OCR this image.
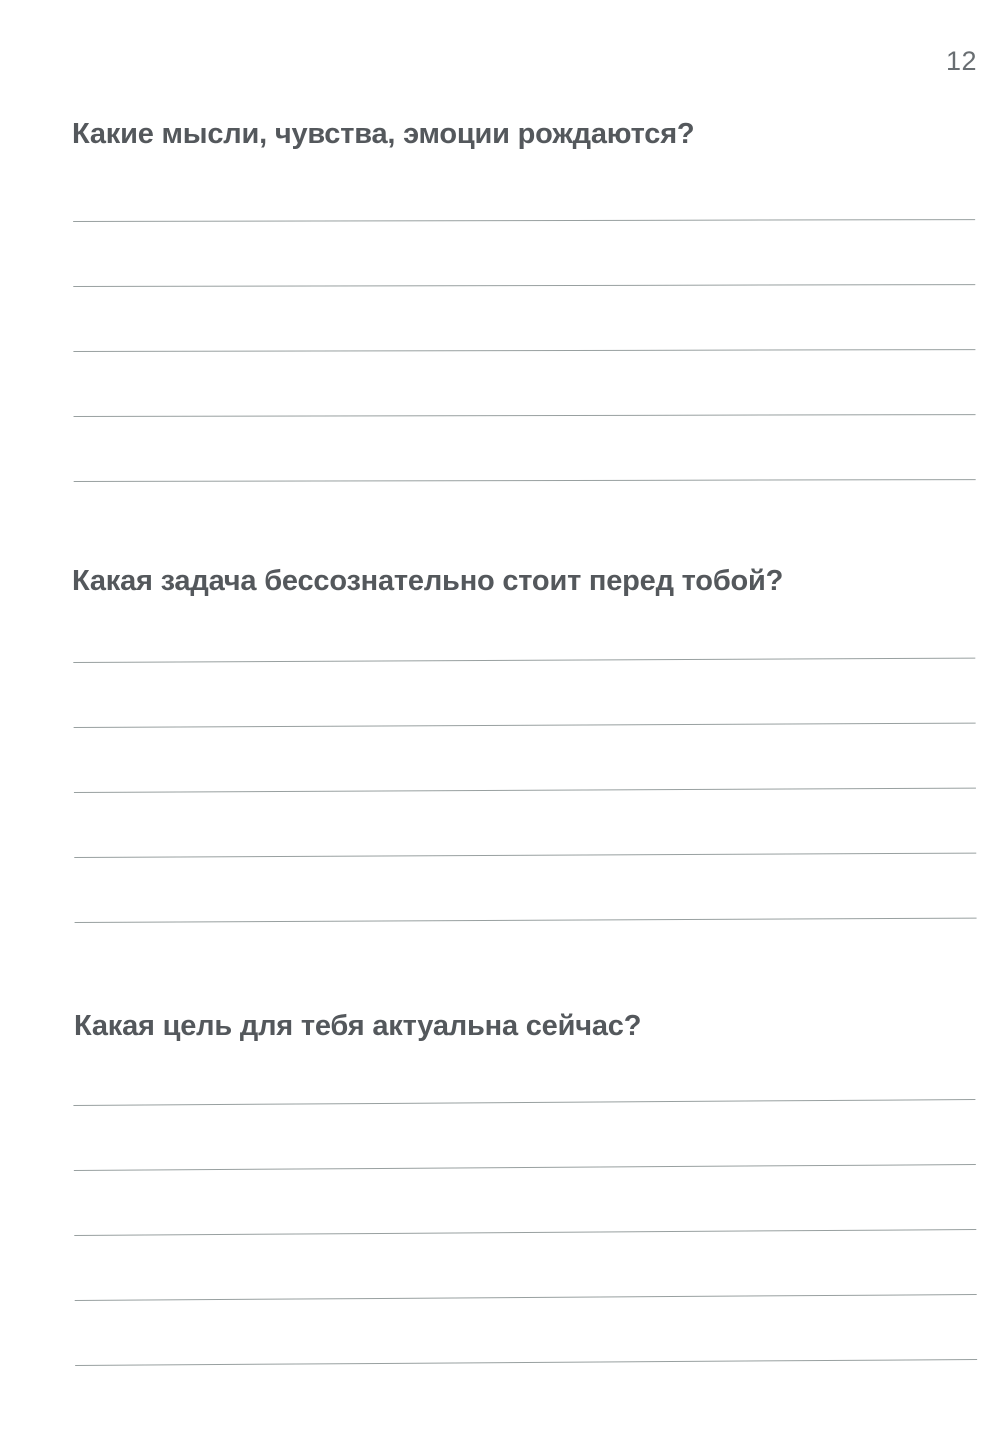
12
Какие мысли, чувства, эмоции рождаются?
Какая задача бессознательно стоит перед тобой?
Какая цель для тебя актуальна сейчас?
